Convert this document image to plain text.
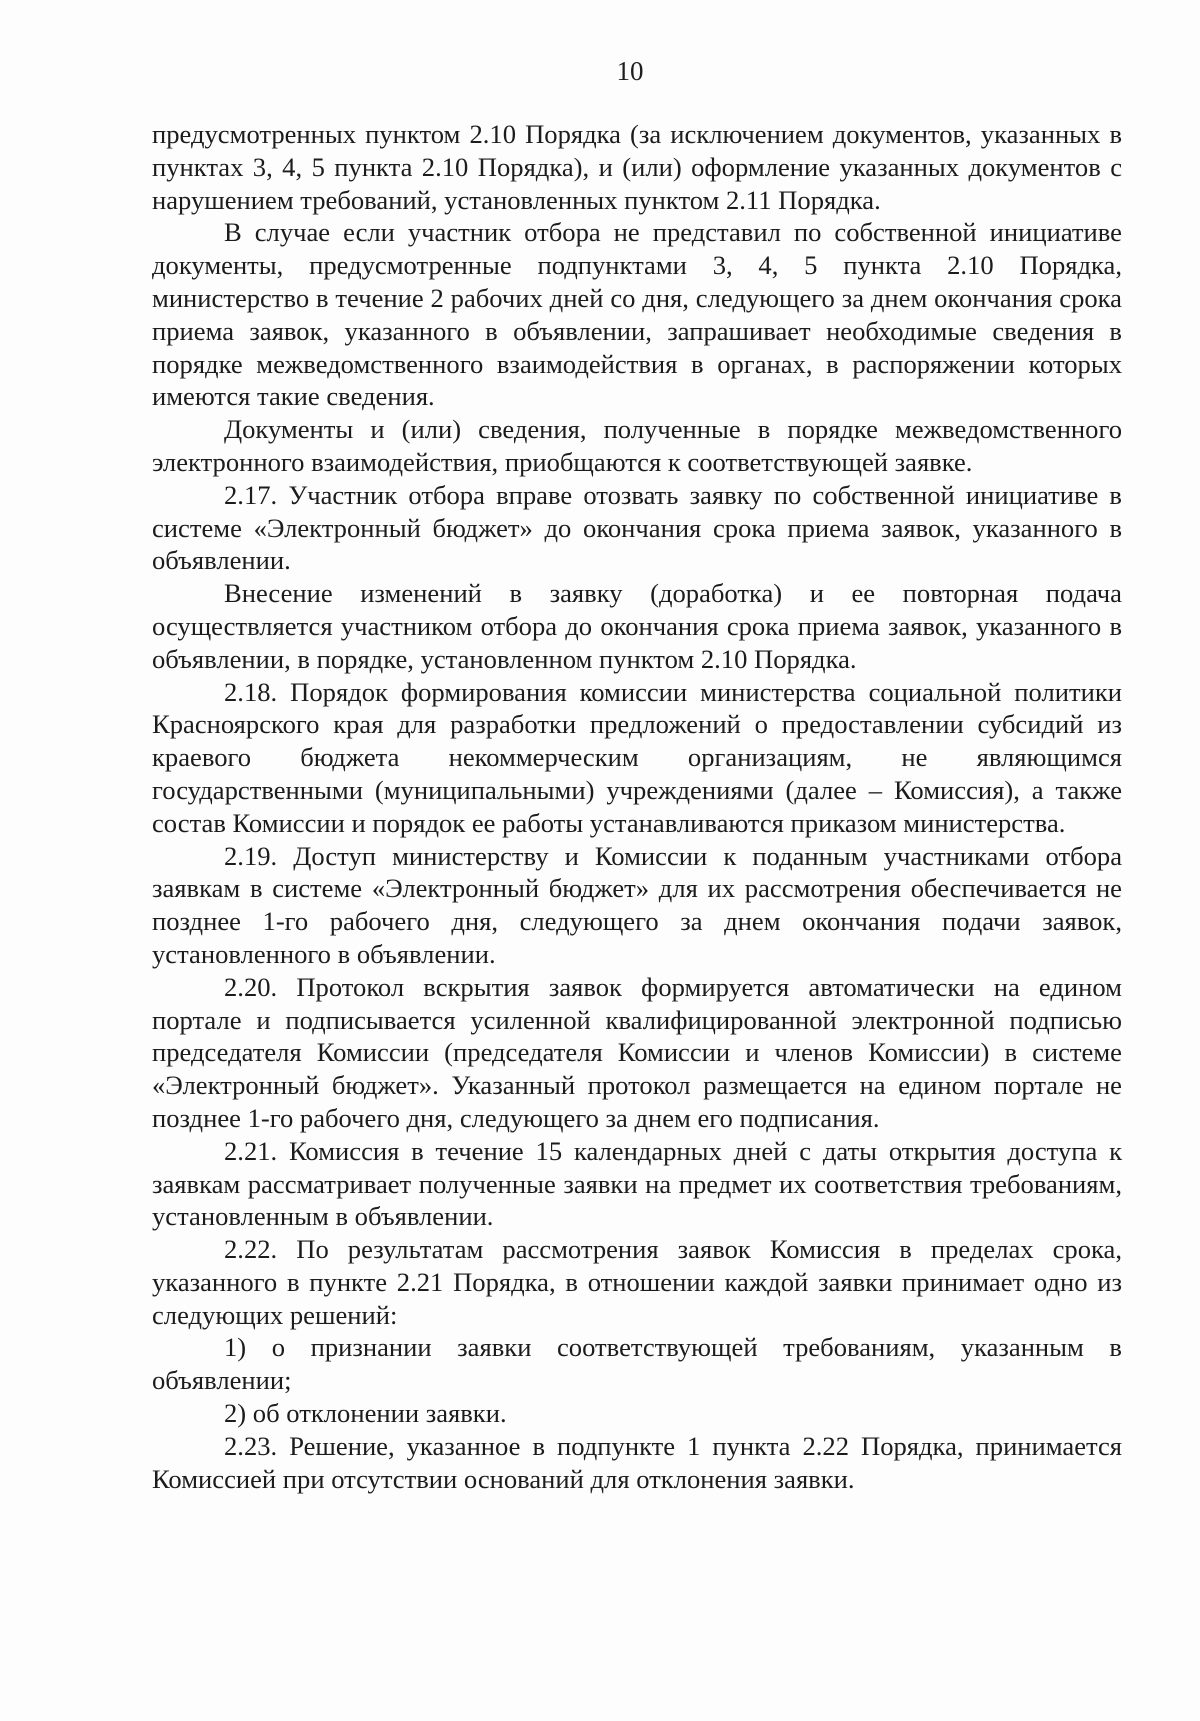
10

предусмотренных пунктом 2.10 Порядка (за исключением документов, указанных в пунктах 3, 4, 5 пункта 2.10 Порядка), и (или) оформление указанных документов с нарушением требований, установленных пунктом 2.11 Порядка.

В случае если участник отбора не представил по собственной инициативе документы, предусмотренные подпунктами 3, 4, 5 пункта 2.10 Порядка, министерство в течение 2 рабочих дней со дня, следующего за днем окончания срока приема заявок, указанного в объявлении, запрашивает необходимые сведения в порядке межведомственного взаимодействия в органах, в распоряжении которых имеются такие сведения.

Документы и (или) сведения, полученные в порядке межведомственного электронного взаимодействия, приобщаются к соответствующей заявке.

2.17. Участник отбора вправе отозвать заявку по собственной инициативе в системе «Электронный бюджет» до окончания срока приема заявок, указанного в объявлении.

Внесение изменений в заявку (доработка) и ее повторная подача осуществляется участником отбора до окончания срока приема заявок, указанного в объявлении, в порядке, установленном пунктом 2.10 Порядка.

2.18. Порядок формирования комиссии министерства социальной политики Красноярского края для разработки предложений о предоставлении субсидий из краевого бюджета некоммерческим организациям, не являющимся государственными (муниципальными) учреждениями (далее – Комиссия), а также состав Комиссии и порядок ее работы устанавливаются приказом министерства.

2.19. Доступ министерству и Комиссии к поданным участниками отбора заявкам в системе «Электронный бюджет» для их рассмотрения обеспечивается не позднее 1-го рабочего дня, следующего за днем окончания подачи заявок, установленного в объявлении.

2.20. Протокол вскрытия заявок формируется автоматически на едином портале и подписывается усиленной квалифицированной электронной подписью председателя Комиссии (председателя Комиссии и членов Комиссии) в системе «Электронный бюджет». Указанный протокол размещается на едином портале не позднее 1-го рабочего дня, следующего за днем его подписания.

2.21. Комиссия в течение 15 календарных дней с даты открытия доступа к заявкам рассматривает полученные заявки на предмет их соответствия требованиям, установленным в объявлении.

2.22. По результатам рассмотрения заявок Комиссия в пределах срока, указанного в пункте 2.21 Порядка, в отношении каждой заявки принимает одно из следующих решений:

1) о признании заявки соответствующей требованиям, указанным в объявлении;

2) об отклонении заявки.

2.23. Решение, указанное в подпункте 1 пункта 2.22 Порядка, принимается Комиссией при отсутствии оснований для отклонения заявки.
